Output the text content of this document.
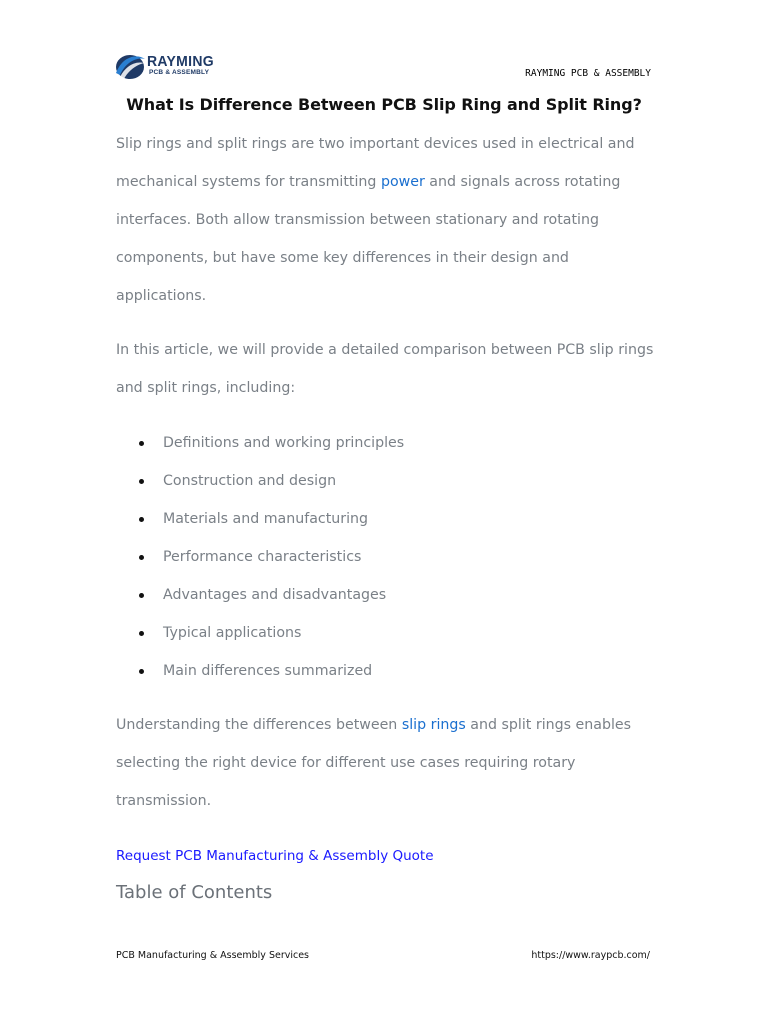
RAYMING
PCB & ASSEMBLY	RAYMING PCB & ASSEMBLY
What Is Difference Between PCB Slip Ring and Split Ring?

Slip rings and split rings are two important devices used in electrical and mechanical systems for transmitting power and signals across rotating interfaces. Both allow transmission between stationary and rotating components, but have some key differences in their design and applications.

In this article, we will provide a detailed comparison between PCB slip rings and split rings, including:

Definitions and working principles
Construction and design
Materials and manufacturing
Performance characteristics
Advantages and disadvantages
Typical applications
Main differences summarized

Understanding the differences between slip rings and split rings enables selecting the right device for different use cases requiring rotary transmission.

Request PCB Manufacturing & Assembly Quote
Table of Contents
PCB Manufacturing & Assembly Services	https://www.raypcb.com/
